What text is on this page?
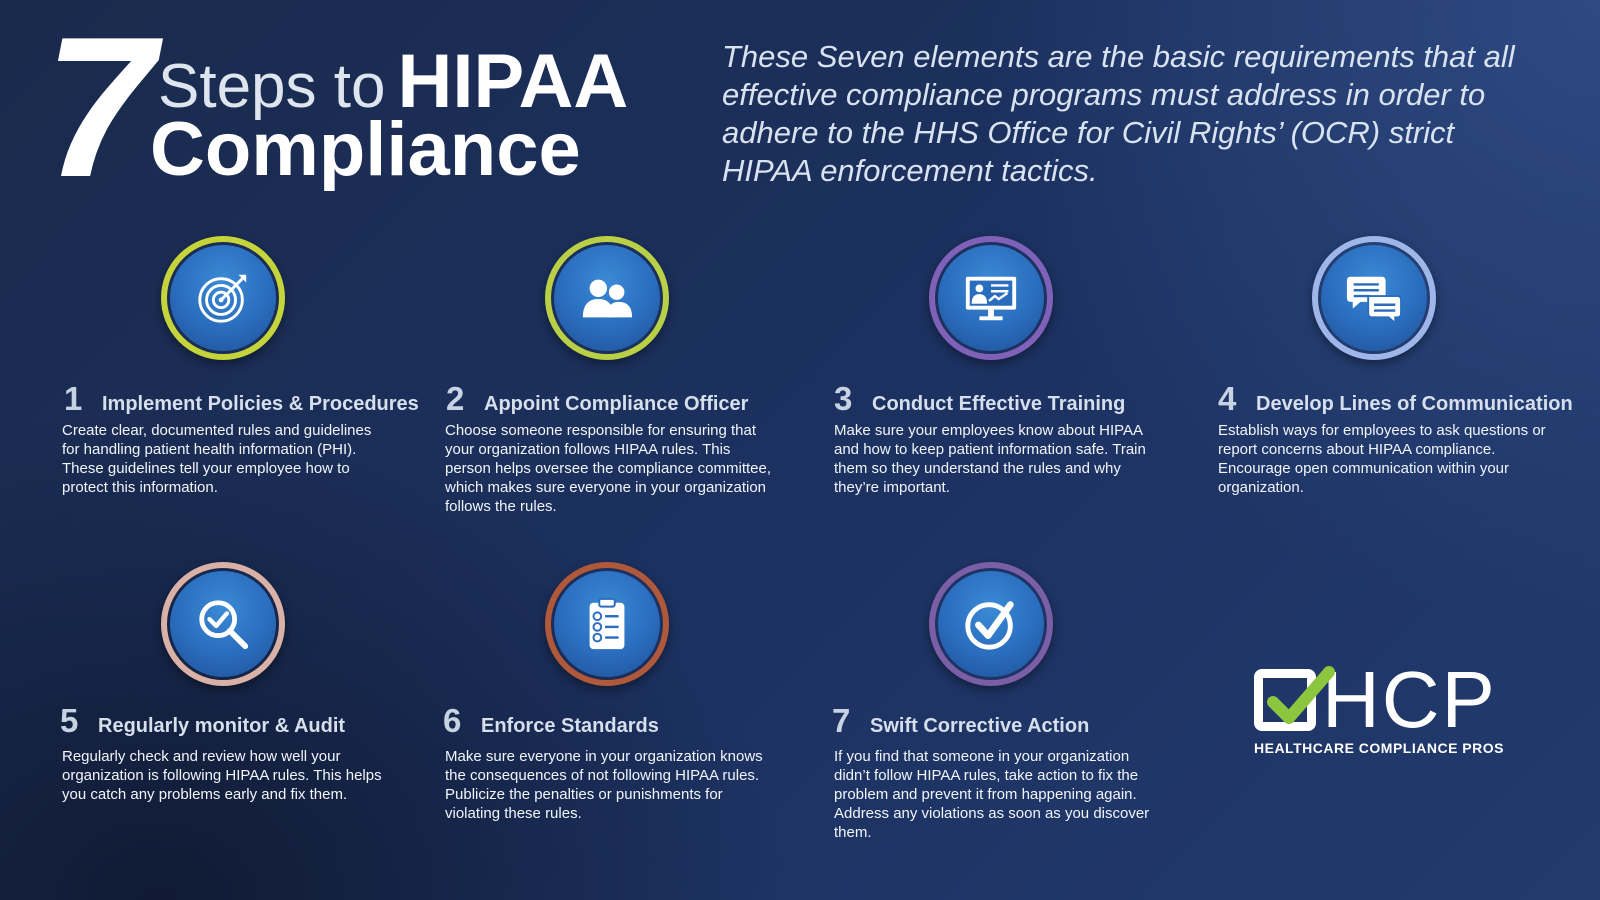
7 Steps to HIPAA
Compliance
These Seven elements are the basic requirements that all effective compliance programs must address in order to adhere to the HHS Office for Civil Rights’ (OCR) strict HIPAA enforcement tactics.
1 Implement Policies & Procedures
Create clear, documented rules and guidelines for handling patient health information (PHI). These guidelines tell your employee how to protect this information.
2 Appoint Compliance Officer
Choose someone responsible for ensuring that your organization follows HIPAA rules. This person helps oversee the compliance committee, which makes sure everyone in your organization follows the rules.
3 Conduct Effective Training
Make sure your employees know about HIPAA and how to keep patient information safe. Train them so they understand the rules and why they’re important.
4 Develop Lines of Communication
Establish ways for employees to ask questions or report concerns about HIPAA compliance. Encourage open communication within your organization.
5 Regularly monitor & Audit
Regularly check and review how well your organization is following HIPAA rules. This helps you catch any problems early and fix them.
6 Enforce Standards
Make sure everyone in your organization knows the consequences of not following HIPAA rules. Publicize the penalties or punishments for violating these rules.
7 Swift Corrective Action
If you find that someone in your organization didn’t follow HIPAA rules, take action to fix the problem and prevent it from happening again. Address any violations as soon as you discover them.
HCP
HEALTHCARE COMPLIANCE PROS
